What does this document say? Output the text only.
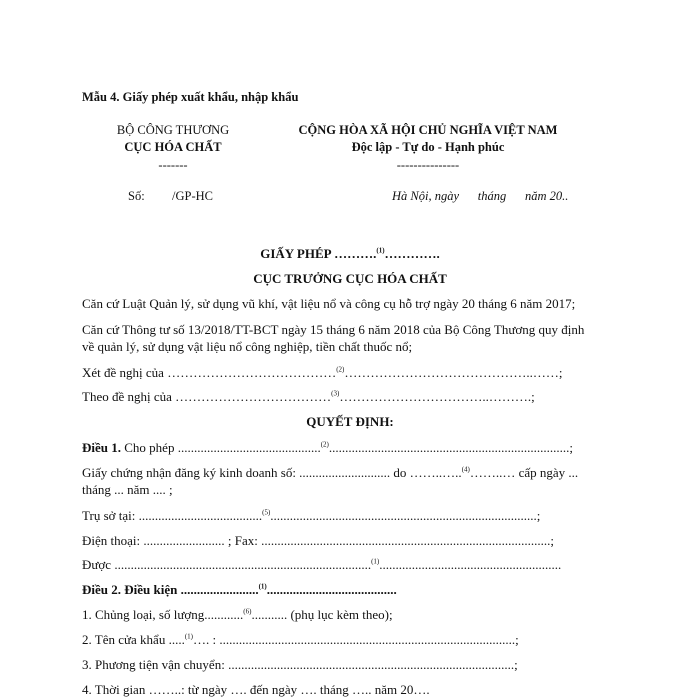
Mẫu 4. Giấy phép xuất khẩu, nhập khẩu
BỘ CÔNG THƯƠNG
CỤC HÓA CHẤT
-------
Số: /GP-HC
CỘNG HÒA XÃ HỘI CHỦ NGHĨA VIỆT NAM
Độc lập - Tự do - Hạnh phúc
---------------
Hà Nội, ngày      tháng      năm 20..
GIẤY PHÉP ……….$^{(1)}$………….
CỤC TRƯỞNG CỤC HÓA CHẤT
Căn cứ Luật Quản lý, sử dụng vũ khí, vật liệu nổ và công cụ hỗ trợ ngày 20 tháng 6 năm 2017;
Căn cứ Thông tư số 13/2018/TT-BCT ngày 15 tháng 6 năm 2018 của Bộ Công Thương quy định
về quản lý, sử dụng vật liệu nổ công nghiệp, tiền chất thuốc nổ;
Xét đề nghị của …………………………………$^{(2)}$……………………………………..……;
Theo đề nghị của ………………………………$^{(3)}$……………………………..……….;
QUYẾT ĐỊNH:
Điều 1. Cho phép ............................................$^{(2)}$..........................................................................;
Giấy chứng nhận đăng ký kinh doanh số: ............................ do ……..…..$^{(4)}$……..… cấp ngày ...
tháng ... năm .... ;
Trụ sở tại: ......................................$^{(5)}$..................................................................................;
Điện thoại: ......................... ; Fax: .........................................................................................;
Được ...............................................................................$^{(1)}$........................................................
Điều 2. Điều kiện ........................$^{(1)}$........................................
1. Chủng loại, số lượng............$^{(6)}$........... (phụ lục kèm theo);
2. Tên cửa khẩu .....$^{(1)}$…. : ...........................................................................................;
3. Phương tiện vận chuyển: ........................................................................................;
4. Thời gian ……..: từ ngày …. đến ngày …. tháng ….. năm 20….
